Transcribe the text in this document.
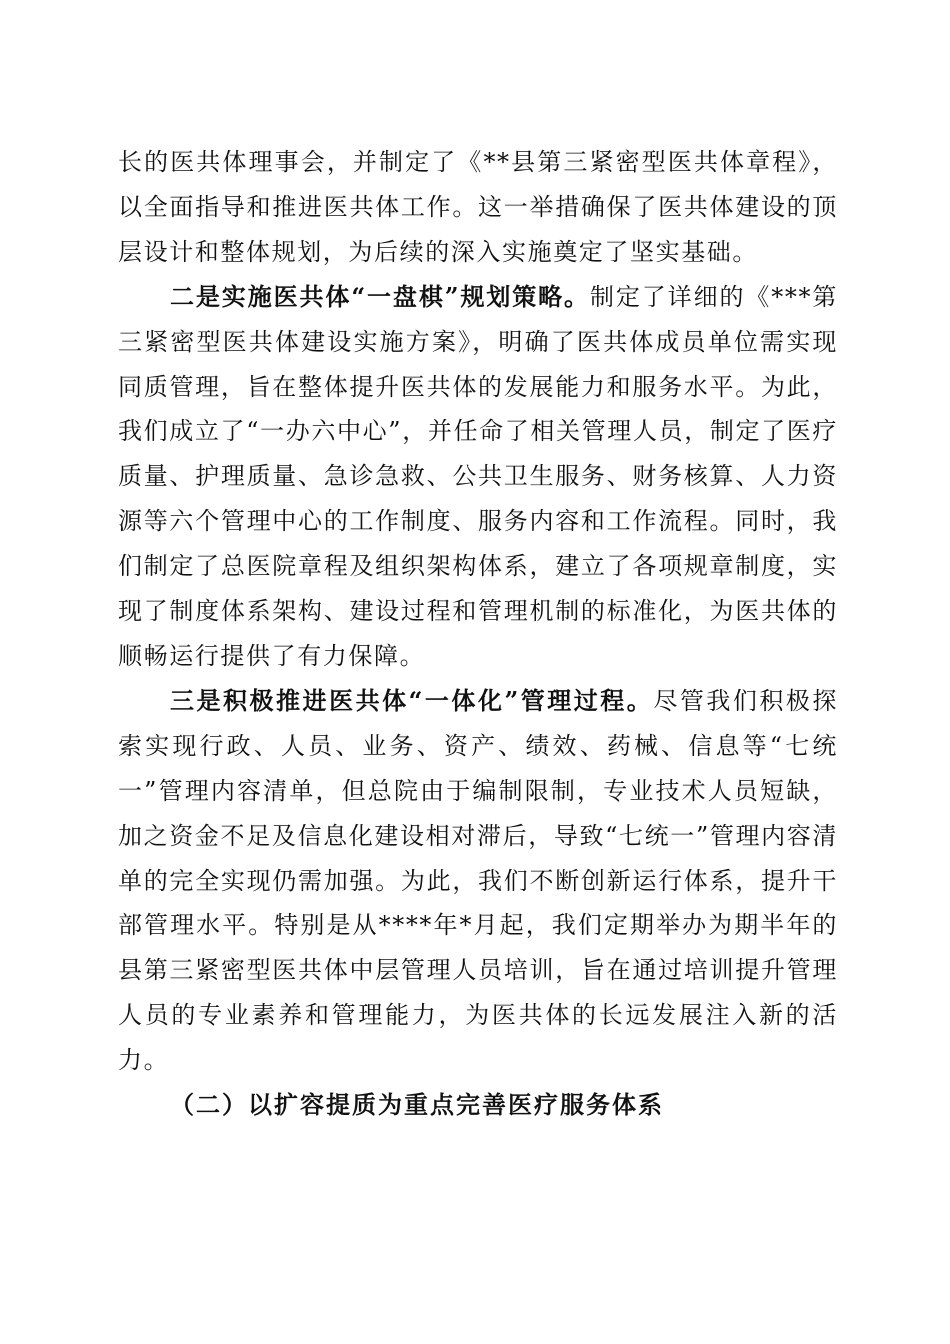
长的医共体理事会，并制定了《**县第三紧密型医共体章程》，以全面指导和推进医共体工作。这一举措确保了医共体建设的顶层设计和整体规划，为后续的深入实施奠定了坚实基础。

二是实施医共体“一盘棋”规划策略。制定了详细的《***第三紧密型医共体建设实施方案》，明确了医共体成员单位需实现同质管理，旨在整体提升医共体的发展能力和服务水平。为此，我们成立了“一办六中心”，并任命了相关管理人员，制定了医疗质量、护理质量、急诊急救、公共卫生服务、财务核算、人力资源等六个管理中心的工作制度、服务内容和工作流程。同时，我们制定了总医院章程及组织架构体系，建立了各项规章制度，实现了制度体系架构、建设过程和管理机制的标准化，为医共体的顺畅运行提供了有力保障。

三是积极推进医共体“一体化”管理过程。尽管我们积极探索实现行政、人员、业务、资产、绩效、药械、信息等“七统一”管理内容清单，但总院由于编制限制，专业技术人员短缺，加之资金不足及信息化建设相对滞后，导致“七统一”管理内容清单的完全实现仍需加强。为此，我们不断创新运行体系，提升干部管理水平。特别是从****年*月起，我们定期举办为期半年的县第三紧密型医共体中层管理人员培训，旨在通过培训提升管理人员的专业素养和管理能力，为医共体的长远发展注入新的活力。

（二）以扩容提质为重点完善医疗服务体系
